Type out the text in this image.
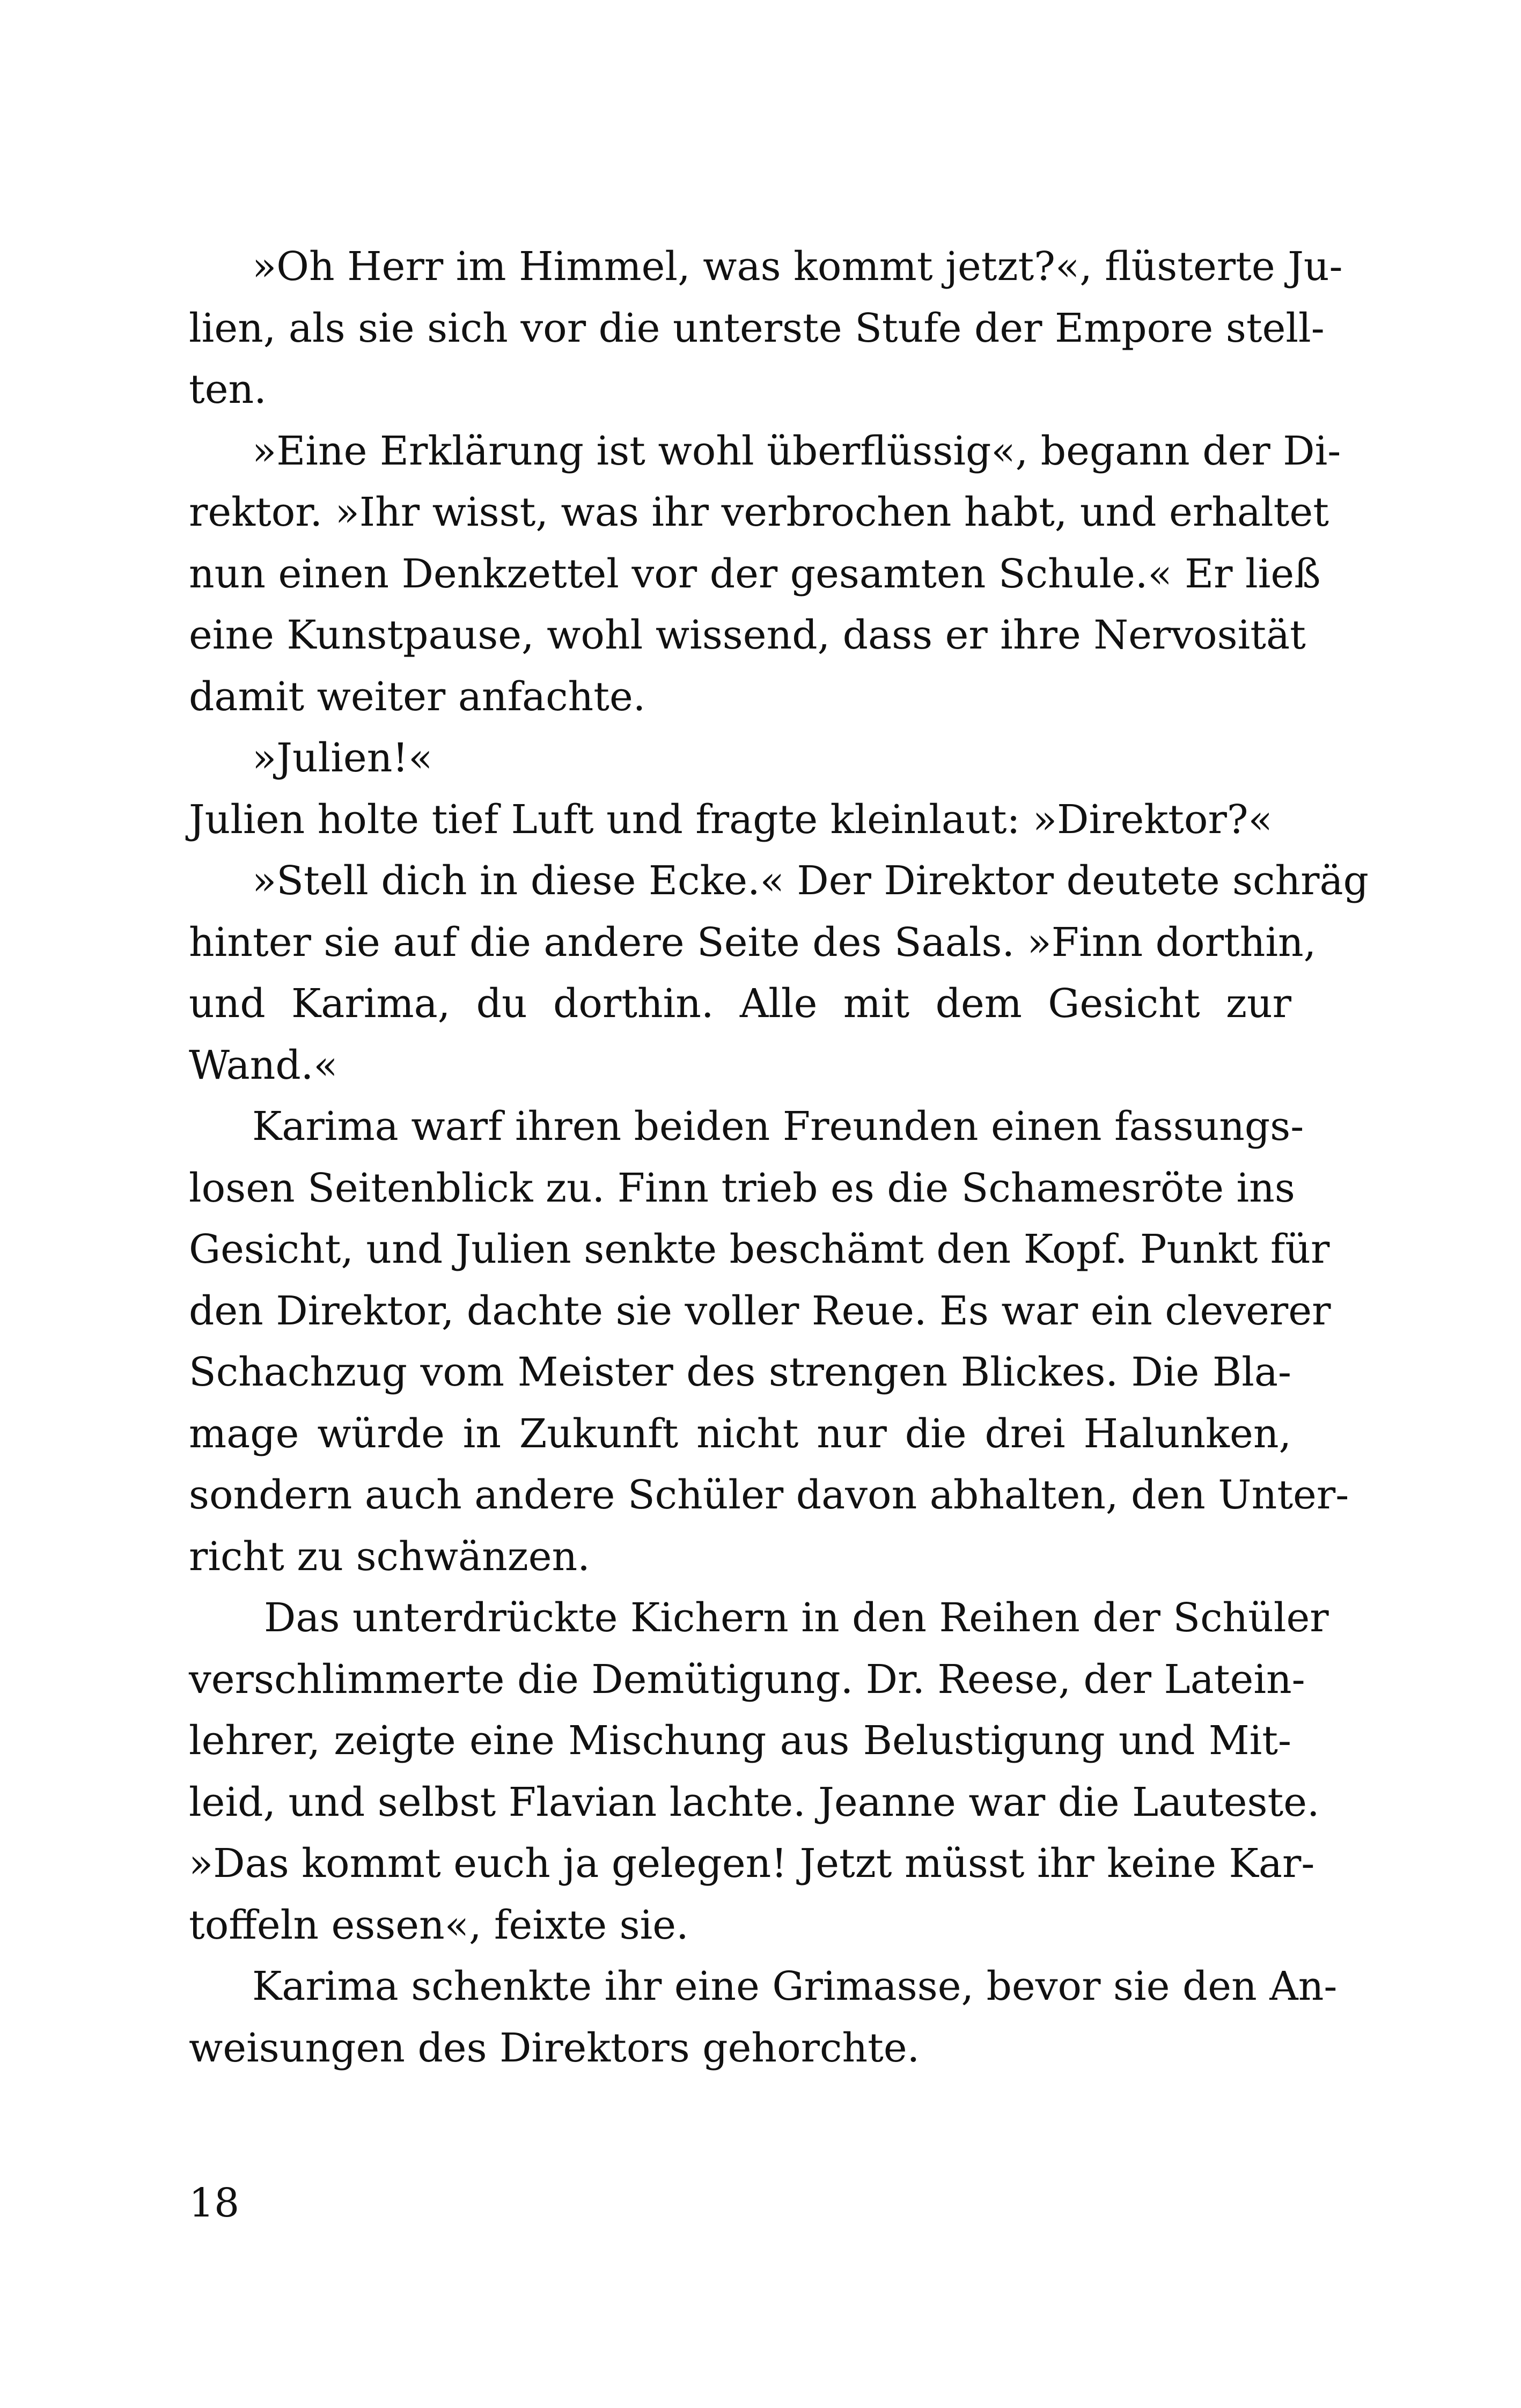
»Oh Herr im Himmel, was kommt jetzt?«, flüsterte Ju-
lien, als sie sich vor die unterste Stufe der Empore stell-
ten.
»Eine Erklärung ist wohl überflüssig«, begann der Di-
rektor. »Ihr wisst, was ihr verbrochen habt, und erhaltet
nun einen Denkzettel vor der gesamten Schule.« Er ließ
eine Kunstpause, wohl wissend, dass er ihre Nervosität
damit weiter anfachte.
»Julien!«
Julien holte tief Luft und fragte kleinlaut: »Direktor?«
»Stell dich in diese Ecke.« Der Direktor deutete schräg
hinter sie auf die andere Seite des Saals. »Finn dorthin,
und Karima, du dorthin. Alle mit dem Gesicht zur
Wand.«
Karima warf ihren beiden Freunden einen fassungs-
losen Seitenblick zu. Finn trieb es die Schamesröte ins
Gesicht, und Julien senkte beschämt den Kopf. Punkt für
den Direktor, dachte sie voller Reue. Es war ein cleverer
Schachzug vom Meister des strengen Blickes. Die Bla-
mage würde in Zukunft nicht nur die drei Halunken,
sondern auch andere Schüler davon abhalten, den Unter-
richt zu schwänzen.
Das unterdrückte Kichern in den Reihen der Schüler
verschlimmerte die Demütigung. Dr. Reese, der Latein-
lehrer, zeigte eine Mischung aus Belustigung und Mit-
leid, und selbst Flavian lachte. Jeanne war die Lauteste.
»Das kommt euch ja gelegen! Jetzt müsst ihr keine Kar-
toffeln essen«, feixte sie.
Karima schenkte ihr eine Grimasse, bevor sie den An-
weisungen des Direktors gehorchte.
18
